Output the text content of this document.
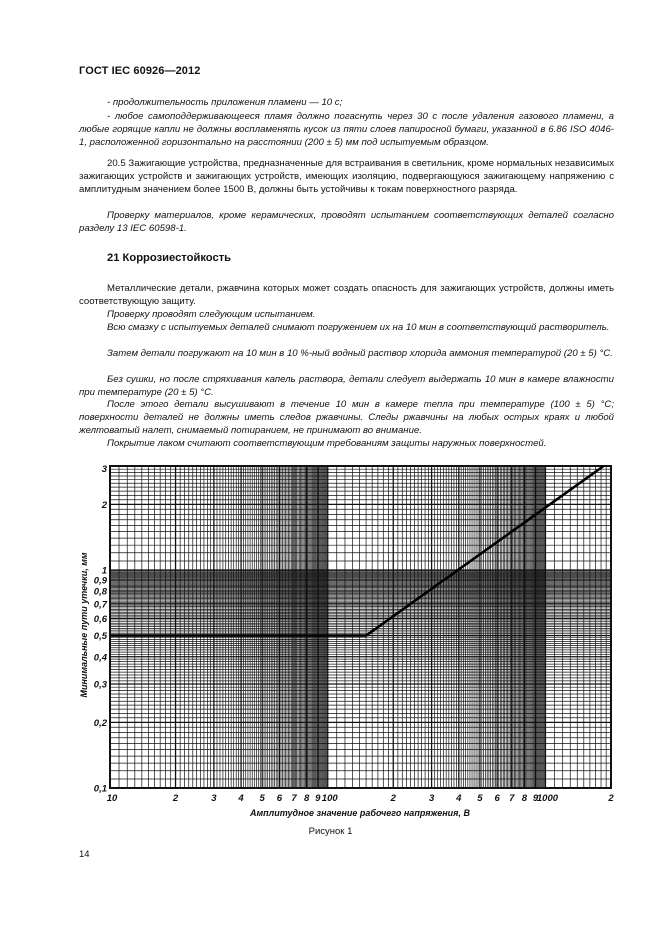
ГОСТ IEC 60926—2012
- продолжительность приложения пламени — 10 с;
- любое самоподдерживающееся пламя должно погаснуть через 30 с после удаления газового пламени, а любые горящие капли не должны воспламенять кусок из пяти слоев папиросной бумаги, указанной в 6.86 ISO 4046-1, расположенной горизонтально на расстоянии (200 ± 5) мм под испытуемым образцом.
20.5 Зажигающие устройства, предназначенные для встраивания в светильник, кроме нормальных независимых зажигающих устройств и зажигающих устройств, имеющих изоляцию, подвергающуюся зажигающему напряжению с амплитудным значением более 1500 В, должны быть устойчивы к токам поверхностного разряда.
Проверку материалов, кроме керамических, проводят испытанием соответствующих деталей согласно разделу 13 IEC 60598-1.
21 Коррозиестойкость
Металлические детали, ржавчина которых может создать опасность для зажигающих устройств, должны иметь соответствующую защиту.
Проверку проводят следующим испытанием.
Всю смазку с испытуемых деталей снимают погружением их на 10 мин в соответствующий растворитель.
Затем детали погружают на 10 мин в 10 %-ный водный раствор хлорида аммония температурой (20 ± 5) °С.
Без сушки, но после стряхивания капель раствора, детали следует выдержать 10 мин в камере влажности при температуре (20 ± 5) °С.
После этого детали высушивают в течение 10 мин в камере тепла при температуре (100 ± 5) °С; поверхности деталей не должны иметь следов ржавчины. Следы ржавчины на любых острых краях и любой желтоватый налет, снимаемый потиранием, не принимают во внимание.
Покрытие лаком считают соответствующим требованиям защиты наружных поверхностей.
10	2	3 4 5 6 7 8 9 100	2	3 4 5 6 7 8 9
1000	2
0,1
0,2
0,3
0,4
0,5
0,6
0,7
0,8
0,9
1
2
3
Амплитудное значение рабочего напряжения, В
Минимальные пути утечки, мм
Рисунок 1
14
